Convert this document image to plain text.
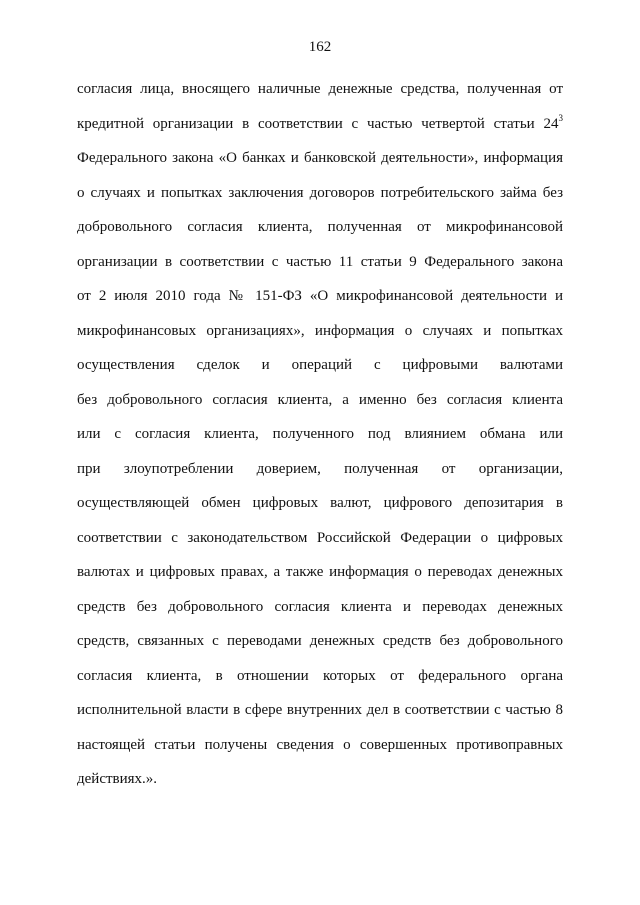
162
согласия лица, вносящего наличные денежные средства, полученная от
кредитной организации в соответствии с частью четвертой статьи $24^3$
Федерального закона «О банках и банковской деятельности», информация
о случаях и попытках заключения договоров потребительского займа без
добровольного согласия клиента, полученная от микрофинансовой
организации в соответствии с частью 11 статьи 9 Федерального закона
от 2 июля 2010 года № 151-ФЗ «О микрофинансовой деятельности и
микрофинансовых организациях», информация о случаях и попытках
осуществления сделок и операций с цифровыми валютами
без добровольного согласия клиента, а именно без согласия клиента
или с согласия клиента, полученного под влиянием обмана или
при злоупотреблении доверием, полученная от организации,
осуществляющей обмен цифровых валют, цифрового депозитария в
соответствии с законодательством Российской Федерации о цифровых
валютах и цифровых правах, а также информация о переводах денежных
средств без добровольного согласия клиента и переводах денежных
средств, связанных с переводами денежных средств без добровольного
согласия клиента, в отношении которых от федерального органа
исполнительной власти в сфере внутренних дел в соответствии с частью 8
настоящей статьи получены сведения о совершенных противоправных
действиях.».
